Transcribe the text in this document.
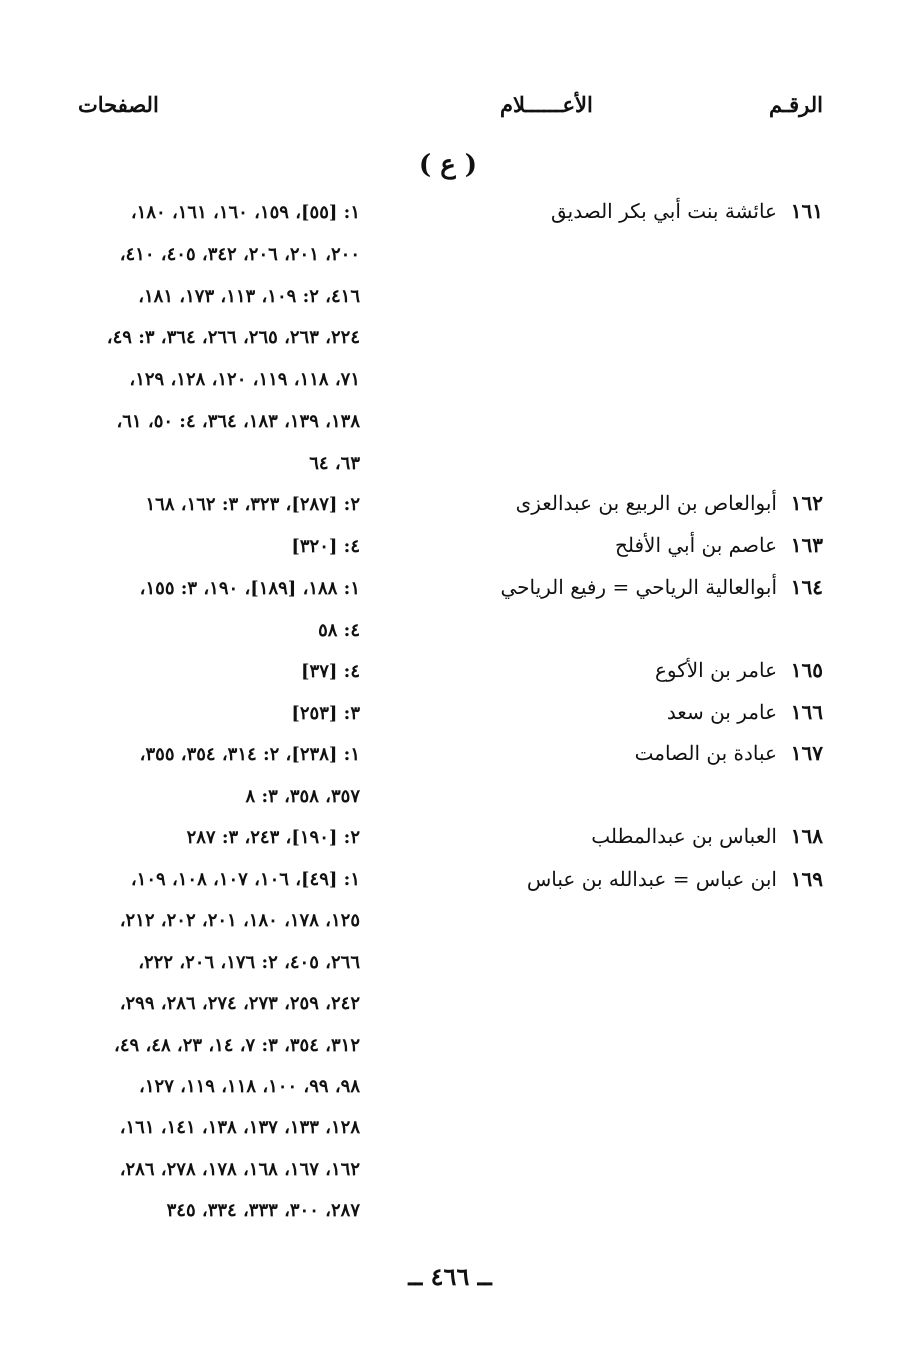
الرقـم
الأعــــــلام
الصفحات
( ع )
١٦١عائشة بنت أبي بكر الصديق
١٦٢أبوالعاص بن الربيع بن عبدالعزى
١٦٣عاصم بن أبي الأفلح
١٦٤أبوالعالية الرياحي = رفيع الرياحي
١٦٥عامر بن الأكوع
١٦٦عامر بن سعد
١٦٧عبادة بن الصامت
١٦٨العباس بن عبدالمطلب
١٦٩ابن عباس = عبدالله بن عباس
١: [٥٥]، ١٥٩، ١٦٠، ١٦١، ١٨٠،
٢٠٠، ٢٠١، ٢٠٦، ٣٤٢، ٤٠٥، ٤١٠،
٤١٦، ٢: ١٠٩، ١١٣، ١٧٣، ١٨١،
٢٢٤، ٢٦٣، ٢٦٥، ٢٦٦، ٣٦٤، ٣: ٤٩،
٧١، ١١٨، ١١٩، ١٢٠، ١٢٨، ١٢٩،
١٣٨، ١٣٩، ١٨٣، ٣٦٤، ٤: ٥٠، ٦١،
٦٣، ٦٤
٢: [٢٨٧]، ٣٢٣، ٣: ١٦٢، ١٦٨
٤: [٣٢٠]
١: ١٨٨، [١٨٩]، ١٩٠، ٣: ١٥٥،
٤: ٥٨
٤: [٣٧]
٣: [٢٥٣]
١: [٢٣٨]، ٢: ٣١٤، ٣٥٤، ٣٥٥،
٣٥٧، ٣٥٨، ٣: ٨
٢: [١٩٠]، ٢٤٣، ٣: ٢٨٧
١: [٤٩]، ١٠٦، ١٠٧، ١٠٨، ١٠٩،
١٢٥، ١٧٨، ١٨٠، ٢٠١، ٢٠٢، ٢١٢،
٢٦٦، ٤٠٥، ٢: ١٧٦، ٢٠٦، ٢٢٢،
٢٤٢، ٢٥٩، ٢٧٣، ٢٧٤، ٢٨٦، ٢٩٩،
٣١٢، ٣٥٤، ٣: ٧، ١٤، ٢٣، ٤٨، ٤٩،
٩٨، ٩٩، ١٠٠، ١١٨، ١١٩، ١٢٧،
١٢٨، ١٣٣، ١٣٧، ١٣٨، ١٤١، ١٦١،
١٦٢، ١٦٧، ١٦٨، ١٧٨، ٢٧٨، ٢٨٦،
٢٨٧، ٣٠٠، ٣٣٣، ٣٣٤، ٣٤٥
ــ ٤٦٦ ــ
